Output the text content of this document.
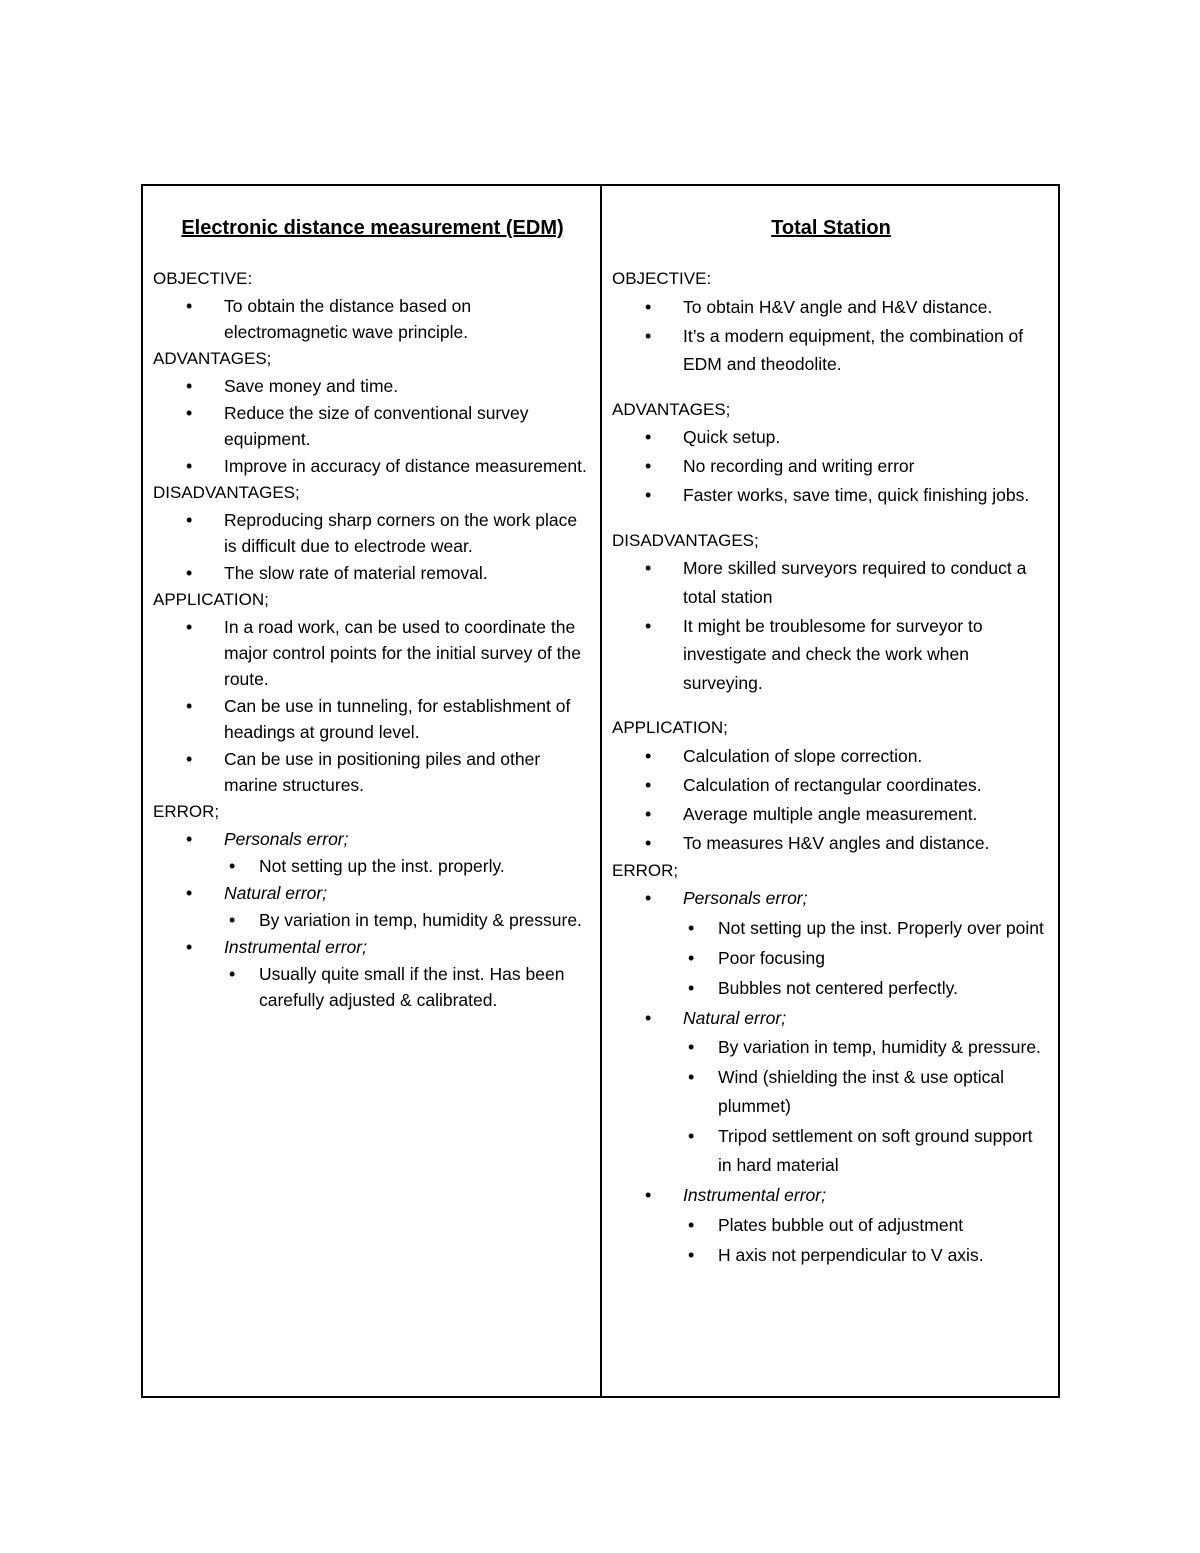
Electronic distance measurement (EDM)
OBJECTIVE:
• To obtain the distance based on electromagnetic wave principle.
ADVANTAGES;
• Save money and time.
• Reduce the size of conventional survey equipment.
• Improve in accuracy of distance measurement.
DISADVANTAGES;
• Reproducing sharp corners on the work place is difficult due to electrode wear.
• The slow rate of material removal.
APPLICATION;
• In a road work, can be used to coordinate the major control points for the initial survey of the route.
• Can be use in tunneling, for establishment of headings at ground level.
• Can be use in positioning piles and other marine structures.
ERROR;
• Personals error;
• Not setting up the inst. properly.
• Natural error;
• By variation in temp, humidity & pressure.
• Instrumental error;
• Usually quite small if the inst. Has been carefully adjusted & calibrated.
Total Station
OBJECTIVE:
• To obtain H&V angle and H&V distance.
• It’s a modern equipment, the combination of EDM and theodolite.
ADVANTAGES;
• Quick setup.
• No recording and writing error
• Faster works, save time, quick finishing jobs.
DISADVANTAGES;
• More skilled surveyors required to conduct a total station
• It might be troublesome for surveyor to investigate and check the work when surveying.
APPLICATION;
• Calculation of slope correction.
• Calculation of rectangular coordinates.
• Average multiple angle measurement.
• To measures H&V angles and distance.
ERROR;
• Personals error;
• Not setting up the inst. Properly over point
• Poor focusing
• Bubbles not centered perfectly.
• Natural error;
• By variation in temp, humidity & pressure.
• Wind (shielding the inst & use optical plummet)
• Tripod settlement on soft ground support in hard material
• Instrumental error;
• Plates bubble out of adjustment
• H axis not perpendicular to V axis.
